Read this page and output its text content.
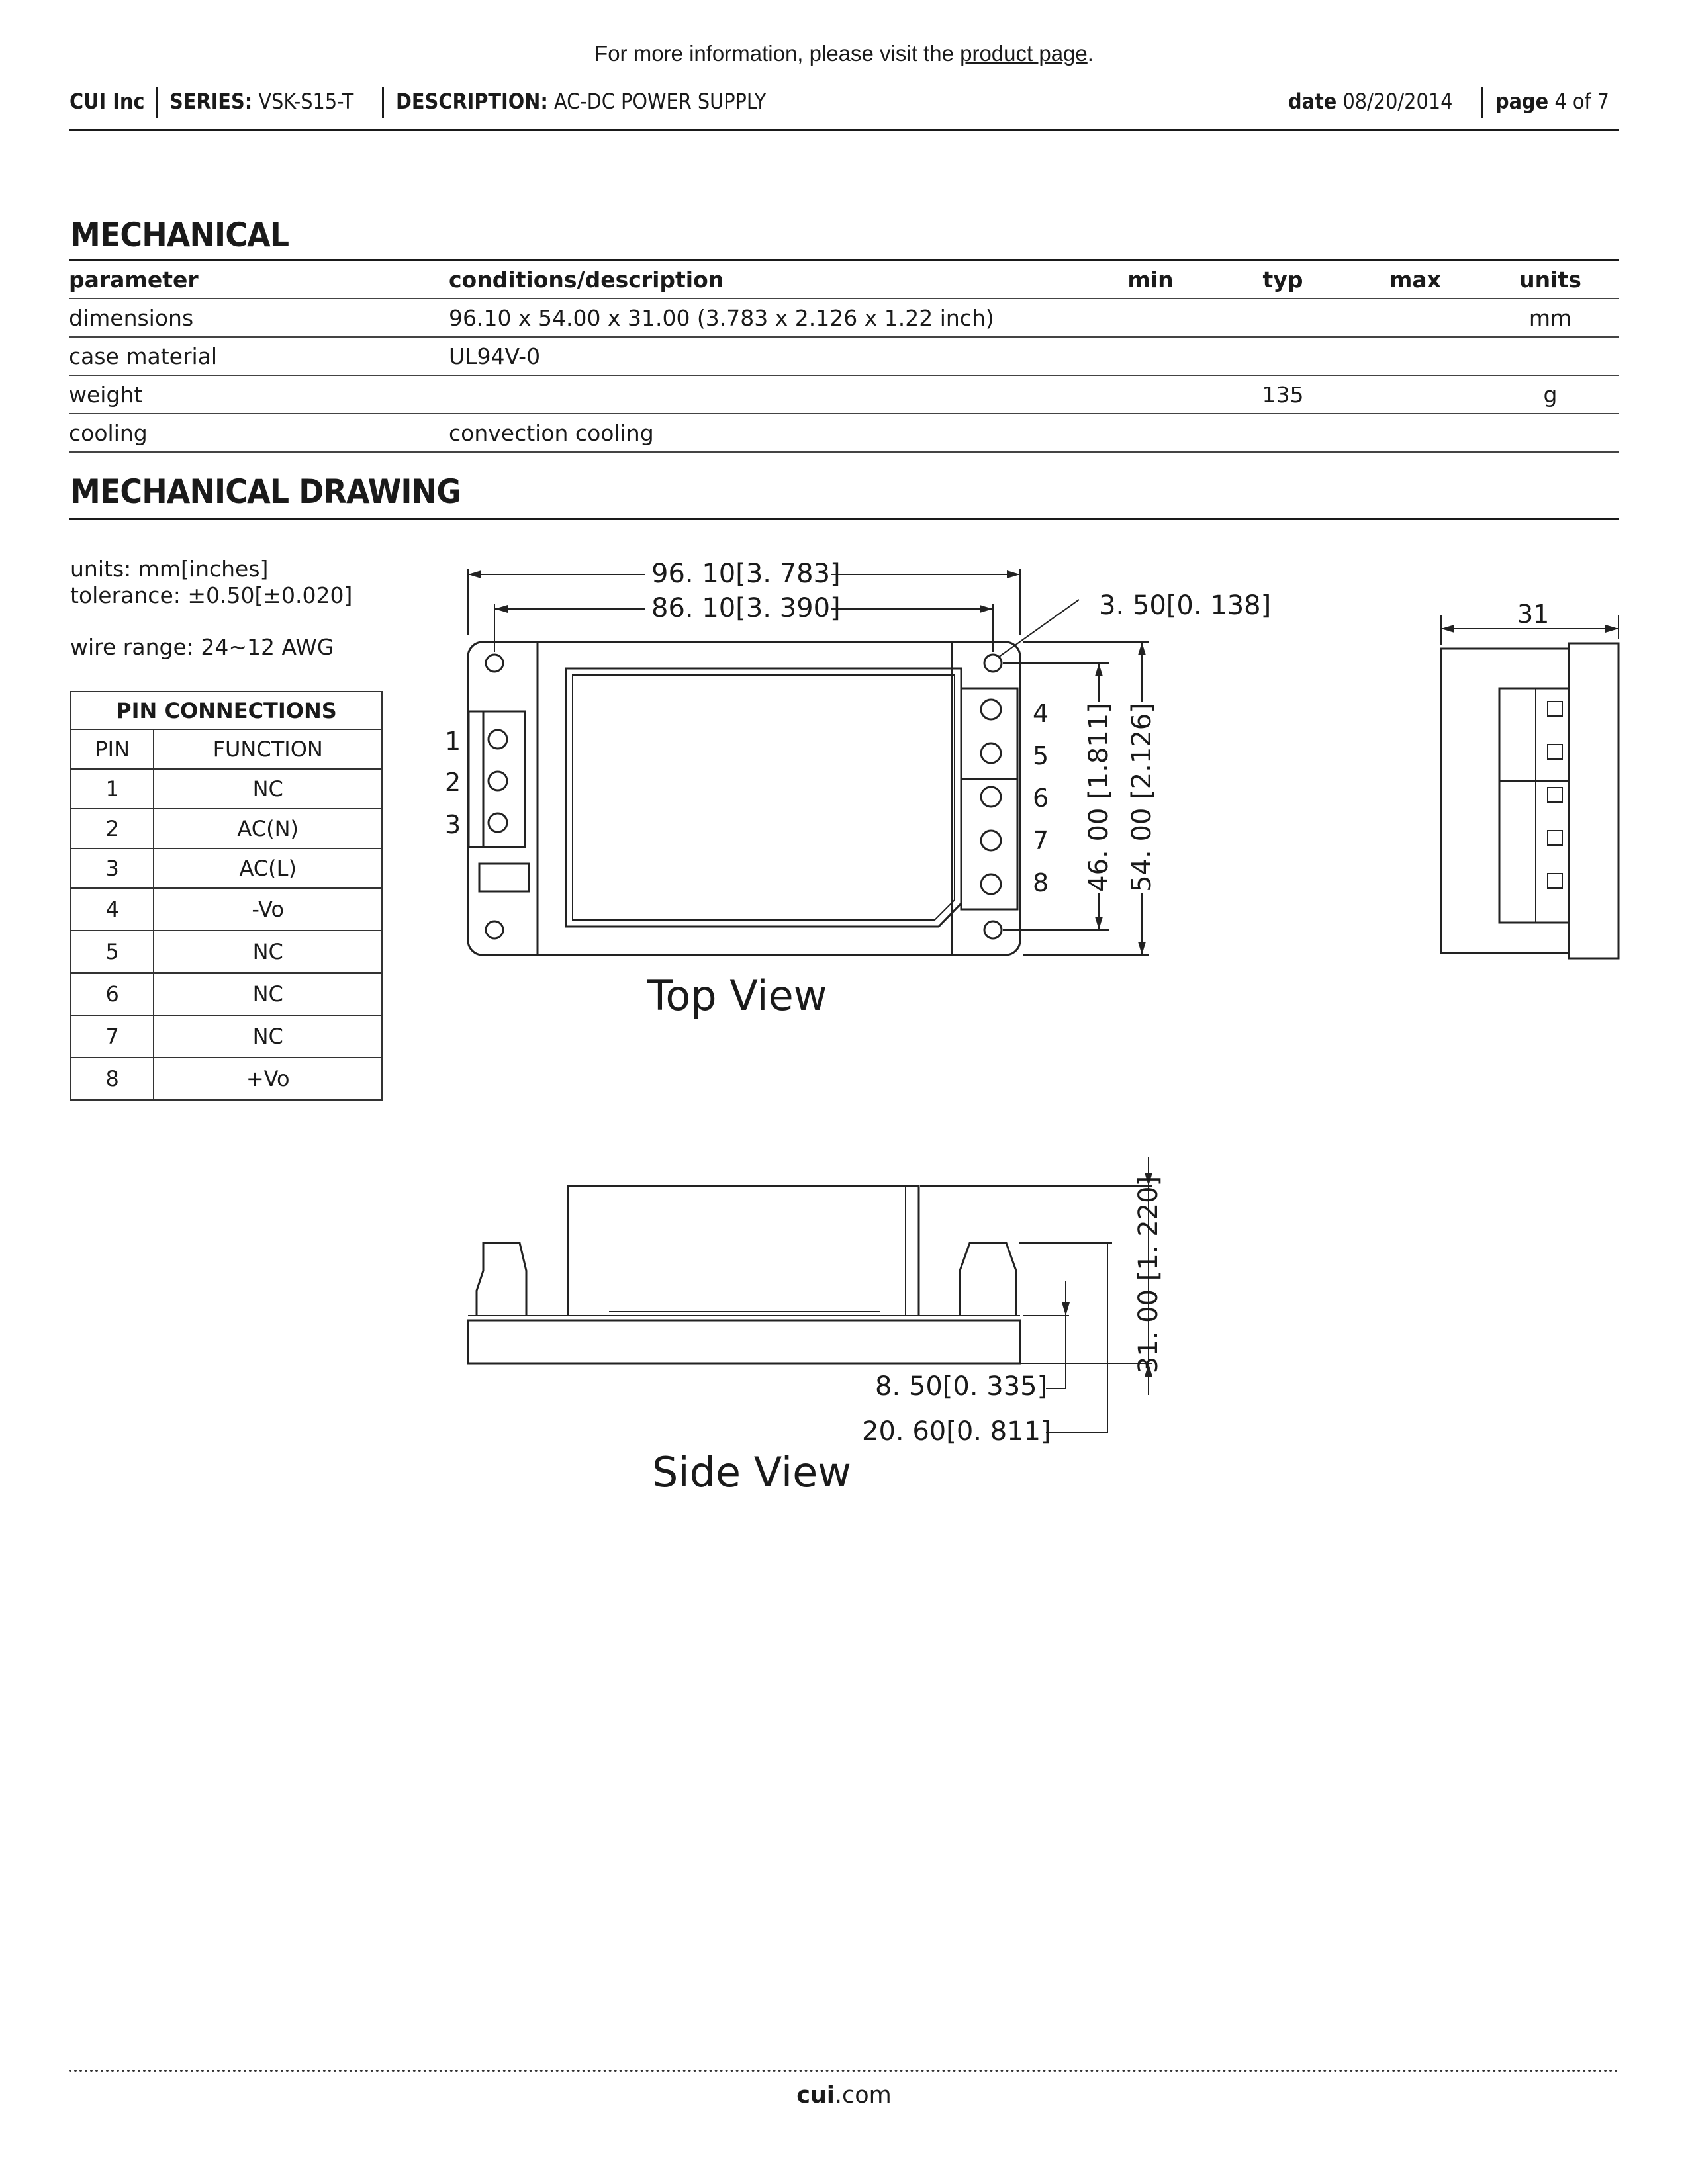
For more information, please visit the product page.
CUI Inc SERIES: VSK-S15-T DESCRIPTION: AC-DC POWER SUPPLY	date 08/20/2014 page 4 of 7
MECHANICAL
parameter	conditions/description	min	typ	max	units
dimensions	96.10 x 54.00 x 31.00 (3.783 x 2.126 x 1.22 inch)				mm
case material	UL94V-0				
weight			135		g
cooling	convection cooling				
MECHANICAL DRAWING
units: mm[inches]
tolerance: ±0.50[±0.020]
wire range: 24~12 AWG
PIN CONNECTIONS	
PIN	FUNCTION
1	NC
2	AC(N)
3	AC(L)
4	-Vo
5	NC
6	NC
7	NC
8	+Vo
96. 10[3. 783]
86. 10[3. 390]	3. 50[0. 138]	31
46. 00 [1.811] 54. 00 [2.126]
1
2
3
4
5
6
7
8
Top View
31. 00 [1. 220]
8. 50[0. 335]
20. 60[0. 811]
Side View
cui.com
